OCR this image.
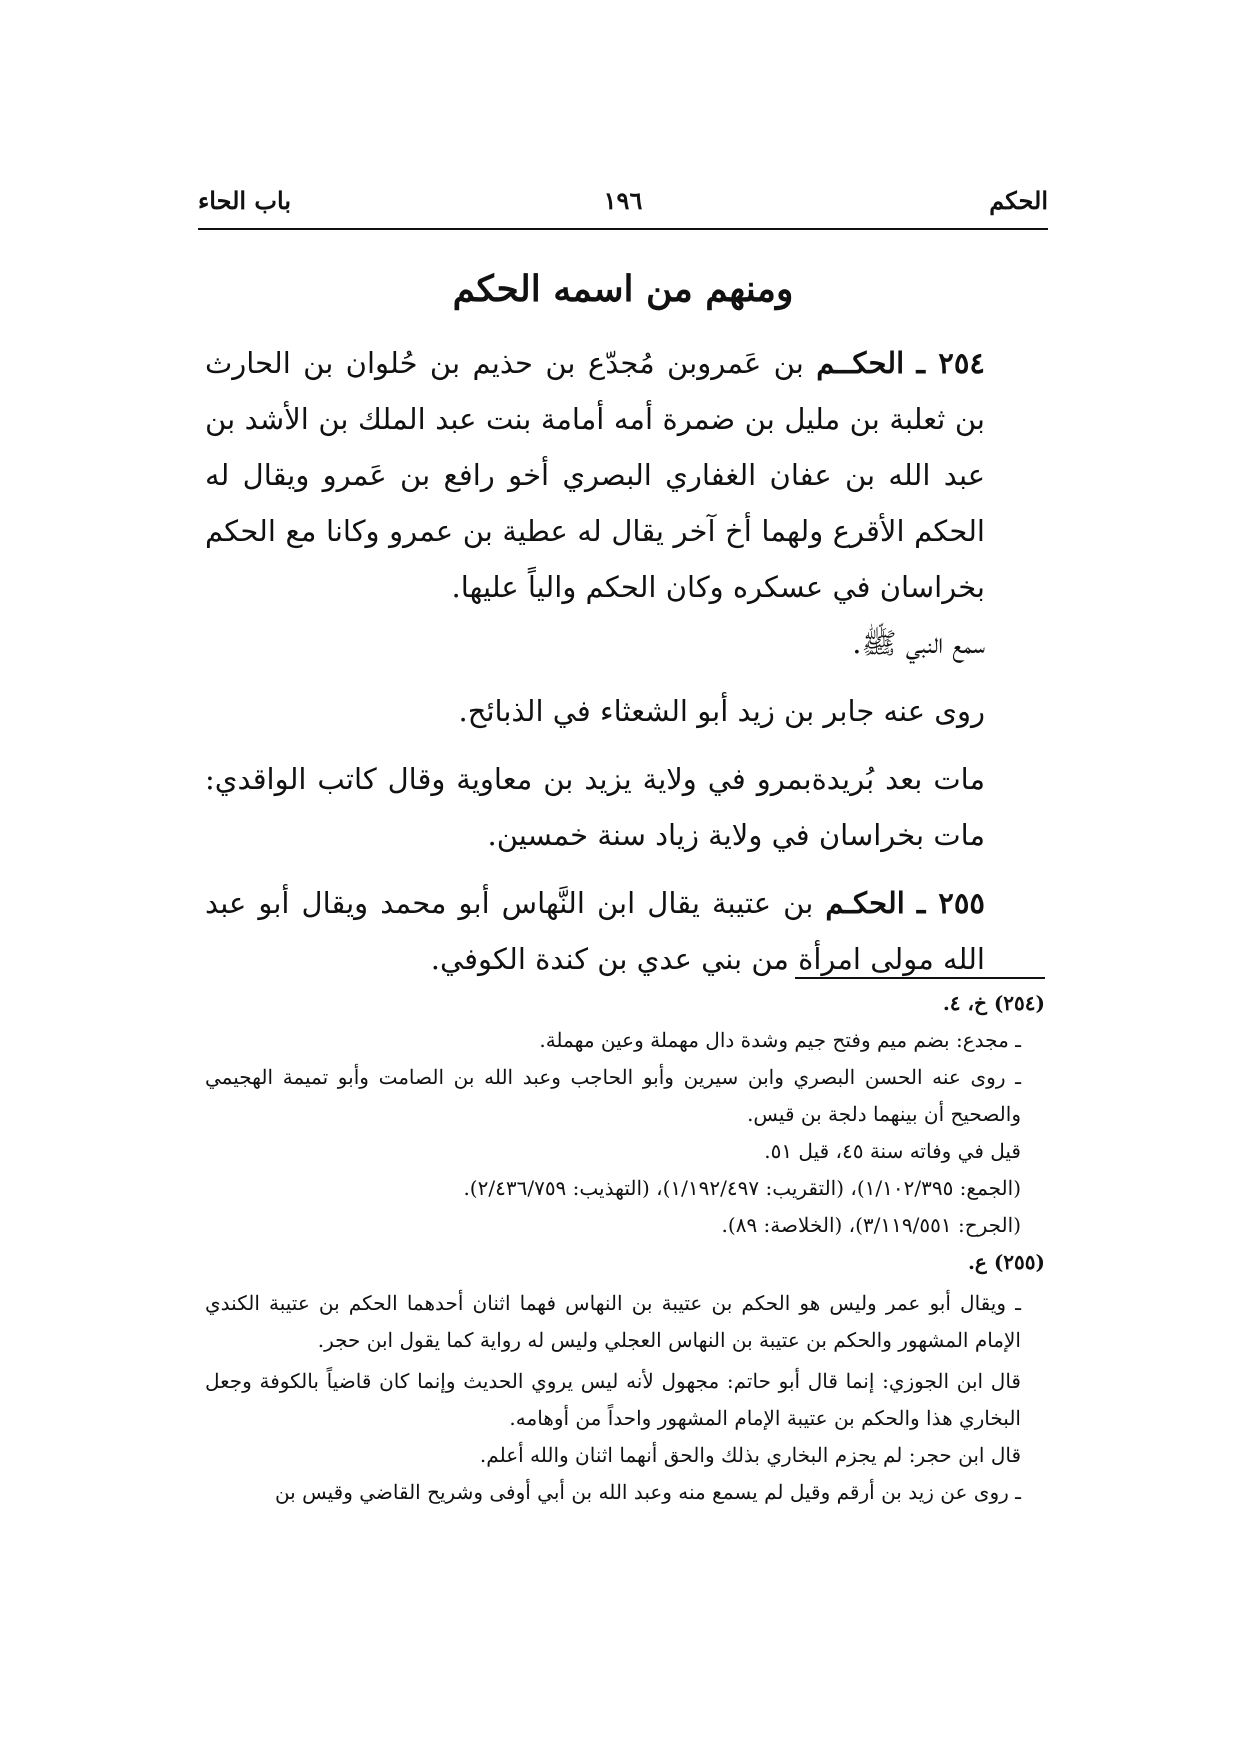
الحكم
١٩٦
باب الحاء
ومنهم من اسمه الحكم

٢٥٤ ـ الحكــم بن عَمروبن مُجدّع بن حذيم بن حُلوان بن الحارث بن ثعلبة بن مليل بن ضمرة أمه أمامة بنت عبد الملك بن الأشد بن عبد الله بن عفان الغفاري البصري أخو رافع بن عَمرو ويقال له الحكم الأقرع ولهما أخ آخر يقال له عطية بن عمرو وكانا مع الحكم بخراسان في عسكره وكان الحكم والياً عليها.

سمع النبي ﷺ.

روى عنه جابر بن زيد أبو الشعثاء في الذبائح.

مات بعد بُريدةبمرو في ولاية يزيد بن معاوية وقال كاتب الواقدي: مات بخراسان في ولاية زياد سنة خمسين.

٢٥٥ ـ الحكـم بن عتيبة يقال ابن النَّهاس أبو محمد ويقال أبو عبد الله مولى امرأة من بني عدي بن كندة الكوفي.

(٢٥٤) خ، ٤.

ـ مجدع: بضم ميم وفتح جيم وشدة دال مهملة وعين مهملة.

ـ روى عنه الحسن البصري وابن سيرين وأبو الحاجب وعبد الله بن الصامت وأبو تميمة الهجيمي والصحيح أن بينهما دلجة بن قيس.

قيل في وفاته سنة ٤٥، قيل ٥١.

(الجمع: ١/١٠٢/٣٩٥)، (التقريب: ١/١٩٢/٤٩٧)، (التهذيب: ٢/٤٣٦/٧٥٩).

(الجرح: ٣/١١٩/٥٥١)، (الخلاصة: ٨٩).

(٢٥٥) ع.

ـ ويقال أبو عمر وليس هو الحكم بن عتيبة بن النهاس فهما اثنان أحدهما الحكم بن عتيبة الكندي الإمام المشهور والحكم بن عتيبة بن النهاس العجلي وليس له رواية كما يقول ابن حجر.

قال ابن الجوزي: إنما قال أبو حاتم: مجهول لأنه ليس يروي الحديث وإنما كان قاضياً بالكوفة وجعل البخاري هذا والحكم بن عتيبة الإمام المشهور واحداً من أوهامه.

قال ابن حجر: لم يجزم البخاري بذلك والحق أنهما اثنان والله أعلم.

ـ روى عن زيد بن أرقم وقيل لم يسمع منه وعبد الله بن أبي أوفى وشريح القاضي وقيس بن
